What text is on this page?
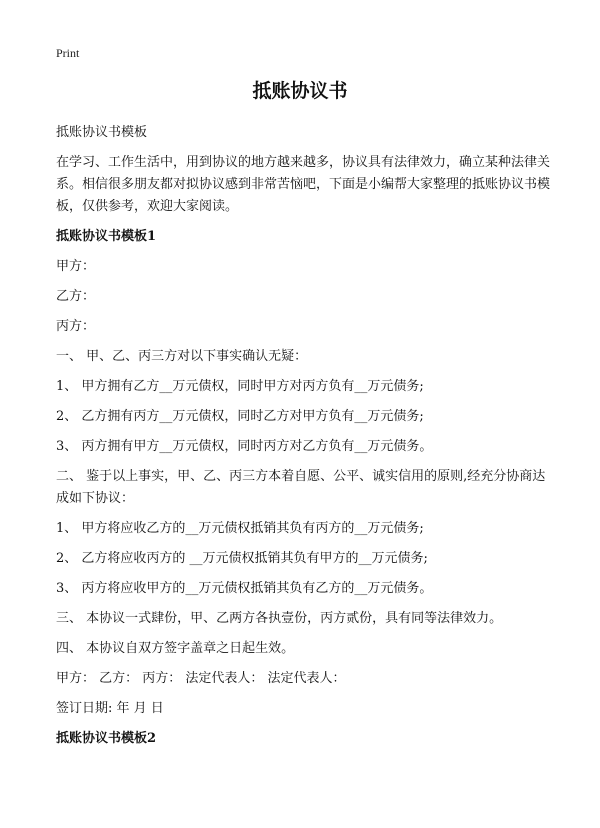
Print
抵账协议书

抵账协议书模板

在学习、工作生活中，用到协议的地方越来越多，协议具有法律效力，确立某种法律关系。相信很多朋友都对拟协议感到非常苦恼吧，下面是小编帮大家整理的抵账协议书模板，仅供参考，欢迎大家阅读。

抵账协议书模板1

甲方：

乙方：

丙方：

一、 甲、乙、丙三方对以下事实确认无疑：

1、 甲方拥有乙方__万元债权，同时甲方对丙方负有__万元债务;

2、 乙方拥有丙方__万元债权，同时乙方对甲方负有__万元债务;

3、 丙方拥有甲方__万元债权，同时丙方对乙方负有__万元债务。

二、 鉴于以上事实，甲、乙、丙三方本着自愿、公平、诚实信用的原则,经充分协商达成如下协议：

1、 甲方将应收乙方的__万元债权抵销其负有丙方的__万元债务;

2、 乙方将应收丙方的 __万元债权抵销其负有甲方的__万元债务;

3、 丙方将应收甲方的__万元债权抵销其负有乙方的__万元债务。

三、 本协议一式肆份，甲、乙两方各执壹份，丙方贰份，具有同等法律效力。

四、 本协议自双方签字盖章之日起生效。

甲方： 乙方： 丙方： 法定代表人： 法定代表人：

签订日期: 年 月 日

抵账协议书模板2
